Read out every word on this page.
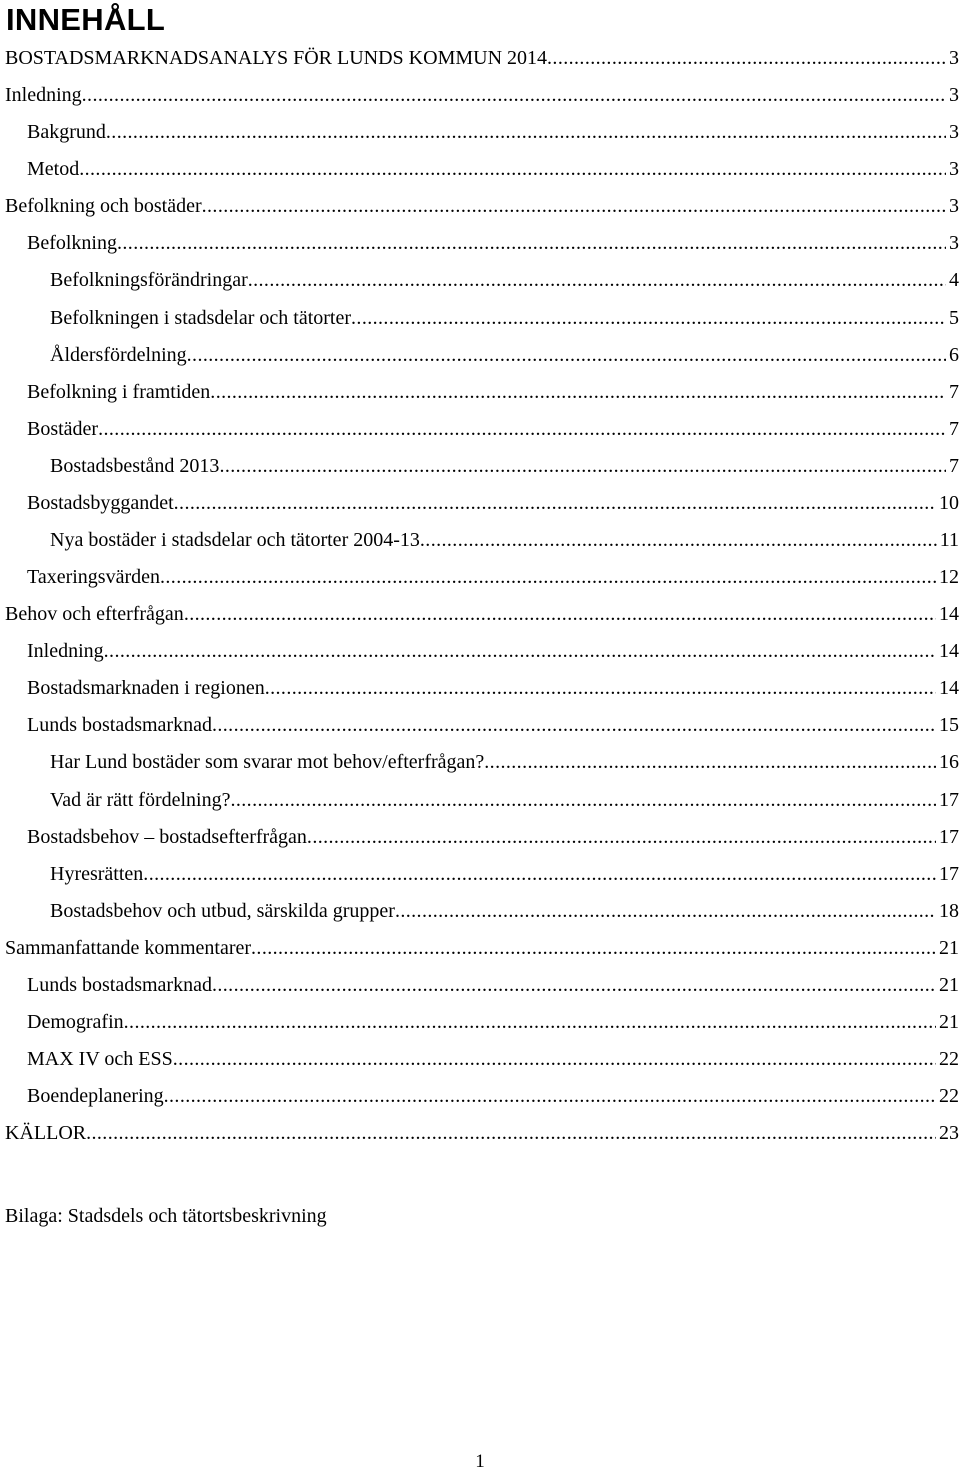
INNEHÅLL
BOSTADSMARKNADSANALYS FÖR LUNDS KOMMUN 2014 .....	3
Inledning .....	3
Bakgrund .....	3
Metod .....	3
Befolkning och bostäder .....	3
Befolkning .....	3
Befolkningsförändringar .....	4
Befolkningen i stadsdelar och tätorter .....	5
Åldersfördelning .....	6
Befolkning i framtiden .....	7
Bostäder .....	7
Bostadsbestånd 2013 .....	7
Bostadsbyggandet .....	10
Nya bostäder i stadsdelar och tätorter 2004-13 .....	11
Taxeringsvärden .....	12
Behov och efterfrågan .....	14
Inledning .....	14
Bostadsmarknaden i regionen .....	14
Lunds bostadsmarknad .....	15
Har Lund bostäder som svarar mot behov/efterfrågan? .....	16
Vad är rätt fördelning? .....	17
Bostadsbehov – bostadsefterfrågan .....	17
Hyresrätten .....	17
Bostadsbehov och utbud, särskilda grupper .....	18
Sammanfattande kommentarer .....	21
Lunds bostadsmarknad .....	21
Demografin .....	21
MAX IV och ESS .....	22
Boendeplanering .....	22
KÄLLOR .....	23
Bilaga: Stadsdels och tätortsbeskrivning
1
